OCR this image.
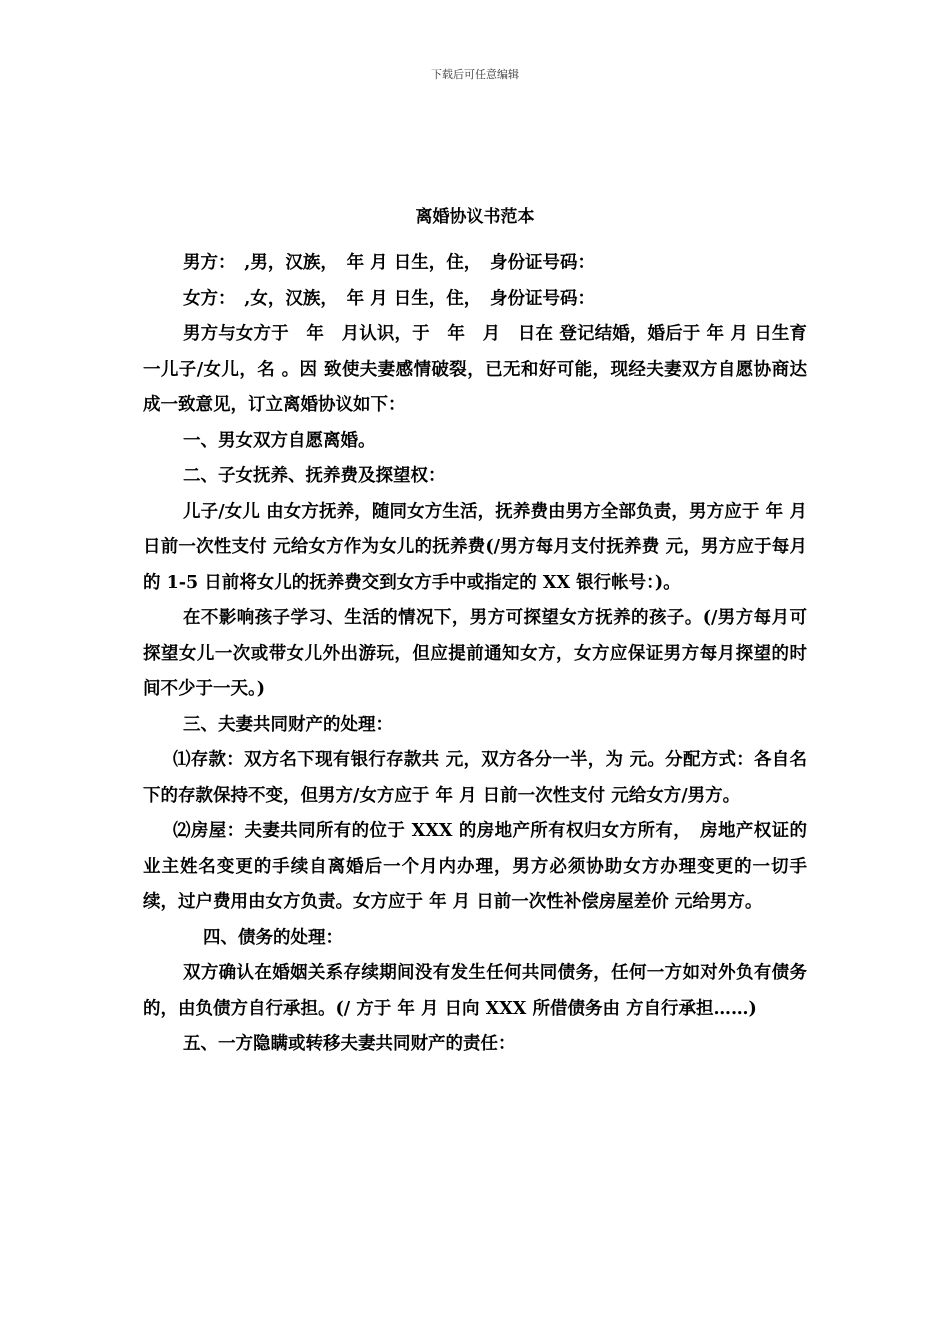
下载后可任意编辑
离婚协议书范本

男方：　,男，汉族，　年 月 日生，住，　身份证号码：

女方：　,女，汉族，　年 月 日生，住，　身份证号码：

男方与女方于　年　月认识，于　年　月　日在 登记结婚，婚后于 年 月 日生育一儿子/女儿，名 。因 致使夫妻感情破裂，已无和好可能，现经夫妻双方自愿协商达成一致意见，订立离婚协议如下：

一、男女双方自愿离婚。

二、子女抚养、抚养费及探望权：

儿子/女儿 由女方抚养，随同女方生活，抚养费由男方全部负责，男方应于 年 月 日前一次性支付 元给女方作为女儿的抚养费(/男方每月支付抚养费 元，男方应于每月的 1-5 日前将女儿的抚养费交到女方手中或指定的 XX 银行帐号：)。

在不影响孩子学习、生活的情况下，男方可探望女方抚养的孩子。(/男方每月可探望女儿一次或带女儿外出游玩，但应提前通知女方，女方应保证男方每月探望的时间不少于一天。)

三、夫妻共同财产的处理：

⑴存款：双方名下现有银行存款共 元，双方各分一半，为 元。分配方式：各自名下的存款保持不变，但男方/女方应于 年 月 日前一次性支付 元给女方/男方。

⑵房屋：夫妻共同所有的位于 XXX 的房地产所有权归女方所有，　房地产权证的业主姓名变更的手续自离婚后一个月内办理，男方必须协助女方办理变更的一切手续，过户费用由女方负责。女方应于 年 月 日前一次性补偿房屋差价 元给男方。

四、债务的处理：

双方确认在婚姻关系存续期间没有发生任何共同债务，任何一方如对外负有债务的，由负债方自行承担。(/ 方于 年 月 日向 XXX 所借债务由 方自行承担……)

五、一方隐瞒或转移夫妻共同财产的责任：
